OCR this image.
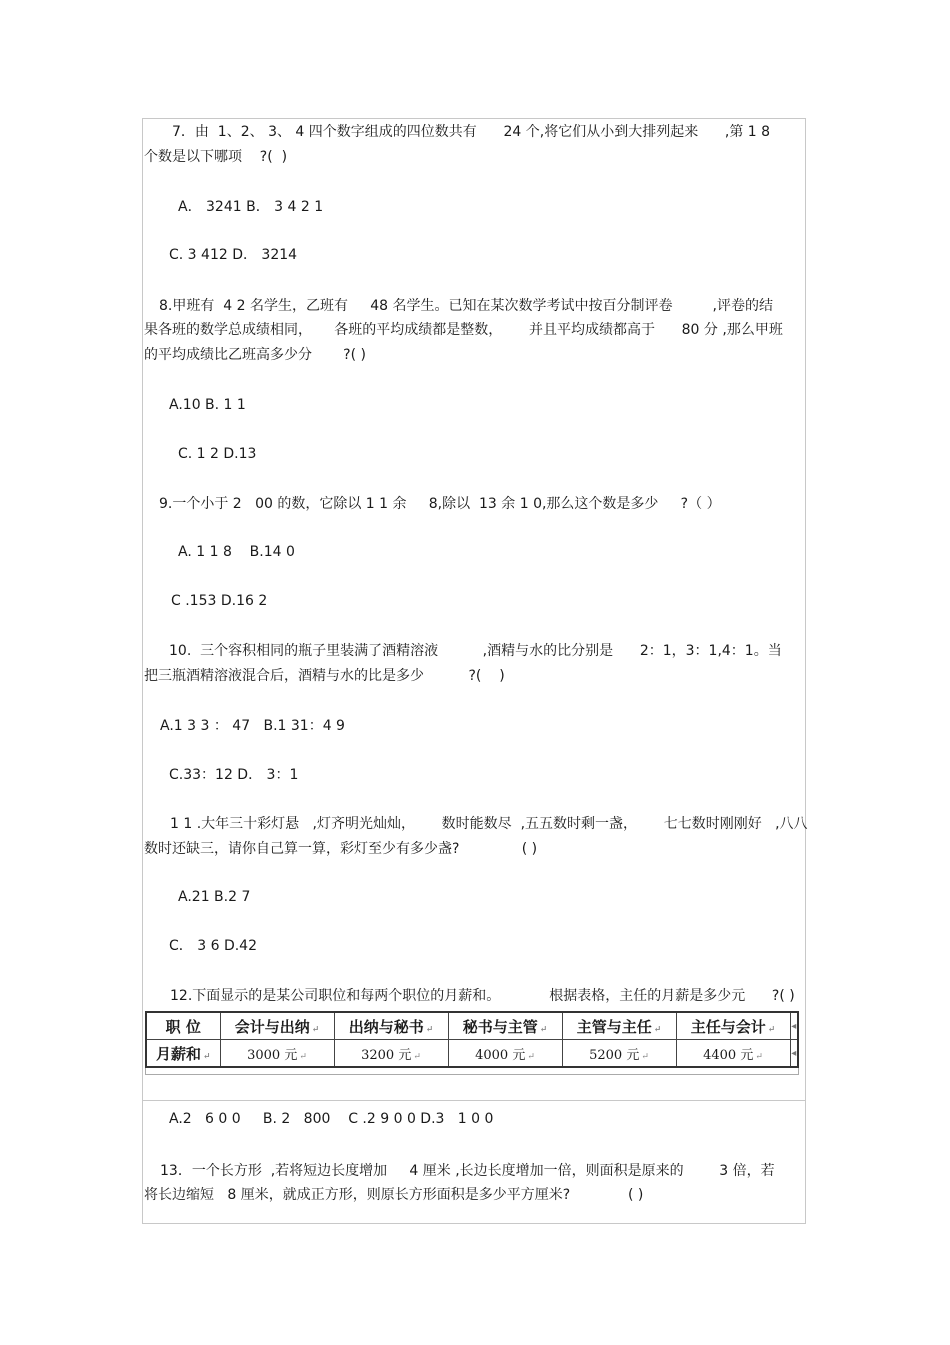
7．由  1、2、 3、 4 四个数字组成的四位数共有      24 个,将它们从小到大排列起来      ,第 1 8
个数是以下哪项    ?(  )
A． 3241 B． 3 4 2 1
C. 3 412 D． 3214
8.甲班有  4 2 名学生，乙班有     48 名学生。已知在某次数学考试中按百分制评卷         ,评卷的结
果各班的数学总成绩相同，     各班的平均成绩都是整数，      并且平均成绩都高于      80 分 ,那么甲班
的平均成绩比乙班高多少分       ?( )
A.10 B. 1 1
C. 1 2 D.13
9.一个小于 2   00 的数，它除以 1 1 余     8,除以  13 余 1 0,那么这个数是多少     ?（ ）
A. 1 1 8    B.14 0
C .153 D.16 2
10.  三个容积相同的瓶子里装满了酒精溶液          ,酒精与水的比分别是      2：1，3：1,4：1。当
把三瓶酒精溶液混合后，酒精与水的比是多少          ?(    )
A.1 3 3 ： 47   B.1 31：4 9
C.33：12 D． 3：1
1 1 .大年三十彩灯悬   ,灯齐明光灿灿，      数时能数尽  ,五五数时剩一盏，      七七数时刚刚好   ,八八
数时还缺三，请你自己算一算，彩灯至少有多少盏?              ( )
A.21 B.2 7
C． 3 6 D.42
12.下面显示的是某公司职位和每两个职位的月薪和。           根据表格，主任的月薪是多少元      ?( )
职 位	会计与出纳 ↵	出纳与秘书 ↵	秘书与主管 ↵	主管与主任 ↵	主任与会计 ↵	◂
月薪和 ↵	3000 元 ↵	3200 元 ↵	4000 元 ↵	5200 元 ↵	4400 元 ↵	◂
A.2   6 0 0     B. 2   800    C .2 9 0 0 D.3   1 0 0
13．一个长方形  ,若将短边长度增加     4 厘米 ,长边长度增加一倍，则面积是原来的        3 倍，若
将长边缩短   8 厘米，就成正方形，则原长方形面积是多少平方厘米?             ( )
